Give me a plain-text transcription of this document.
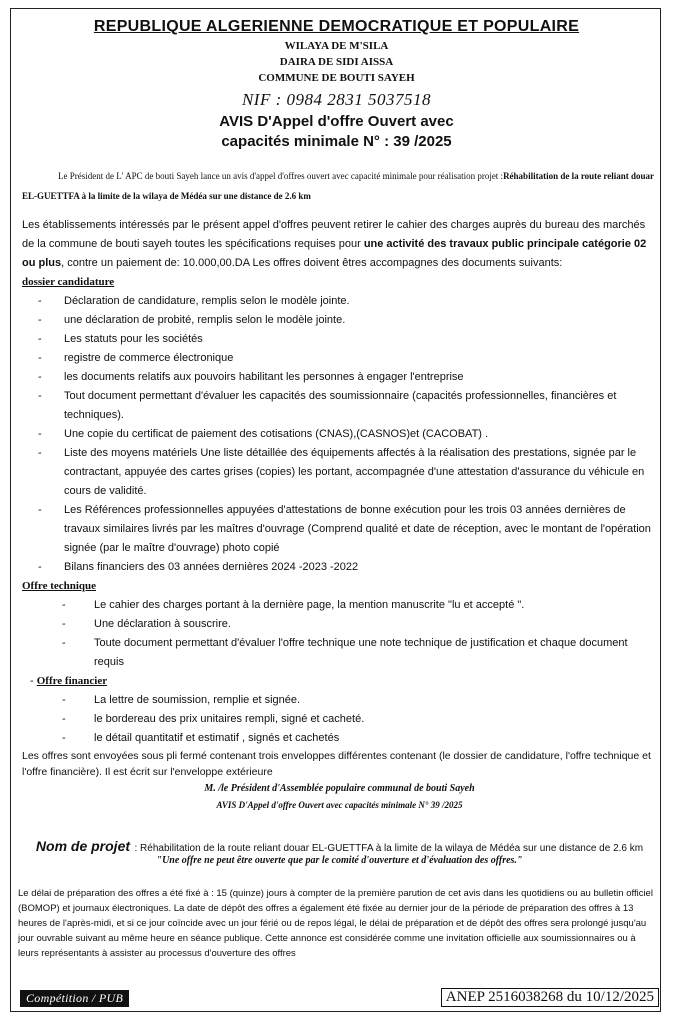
REPUBLIQUE ALGERIENNE DEMOCRATIQUE ET POPULAIRE
WILAYA DE M'SILA
DAIRA DE SIDI AISSA
COMMUNE DE BOUTI SAYEH
NIF : 0984 2831 5037518
AVIS D'Appel d'offre Ouvert avec
capacités minimale N° : 39 /2025
Le Président de L' APC de bouti Sayeh lance un avis d'appel d'offres ouvert avec capacité minimale pour réalisation projet :Réhabilitation de la route reliant douar EL-GUETTFA à la limite de la wilaya de Médéa sur une distance de 2.6 km
Les établissements intéressés par le présent appel d'offres peuvent retirer le cahier des charges auprès du bureau des marchés de la commune de bouti sayeh toutes les spécifications requises pour une activité des travaux public principale catégorie 02 ou plus, contre un paiement de: 10.000,00.DA Les offres doivent êtres accompagnes des documents suivants:
dossier candidature
- Déclaration de candidature, remplis selon le modèle jointe.
- une déclaration de probité, remplis selon le modèle jointe.
- Les statuts pour les sociétés
- registre de commerce électronique
- les documents relatifs aux pouvoirs habilitant les personnes à engager l'entreprise
- Tout document permettant d'évaluer les capacités des soumissionnaire (capacités professionnelles, financières et techniques).
- Une copie du certificat de paiement des cotisations (CNAS),(CASNOS)et (CACOBAT) .
- Liste des moyens matériels Une liste détaillée des équipements affectés à la réalisation des prestations, signée par le contractant, appuyée des cartes grises (copies) les portant, accompagnée d'une attestation d'assurance du véhicule en cours de validité.
- Les Références professionnelles appuyées d'attestations de bonne exécution pour les trois 03 années dernières de travaux similaires livrés par les maîtres d'ouvrage (Comprend qualité et date de réception, avec le montant de l'opération signée (par le maître d'ouvrage) photo copié
- Bilans financiers des 03 années dernières 2024 -2023 -2022
Offre technique
- Le cahier des charges portant à la dernière page, la mention manuscrite "lu et accepté ".
- Une déclaration à souscrire.
- Toute document permettant d'évaluer l'offre technique une note technique de justification et chaque document requis
- Offre financier
- La lettre de soumission, remplie et signée.
- le bordereau des prix unitaires rempli, signé et cacheté.
- le détail quantitatif et estimatif , signés et cachetés
Les offres sont envoyées sous pli fermé contenant trois enveloppes différentes contenant (le dossier de candidature, l'offre technique et l'offre financière). Il est écrit sur l'enveloppe extérieure
M. /le Président d'Assemblée populaire communal de bouti Sayeh
AVIS D'Appel d'offre Ouvert avec capacités minimale N° 39 /2025
Nom de projet : Réhabilitation de la route reliant douar EL-GUETTFA à la limite de la wilaya de Médéa sur une distance de 2.6 km
"Une offre ne peut être ouverte que par le comité d'ouverture et d'évaluation des offres."
Le délai de préparation des offres a été fixé à : 15 (quinze) jours à compter de la première parution de cet avis dans les quotidiens ou au bulletin officiel (BOMOP) et journaux électroniques. La date de dépôt des offres a également été fixée au dernier jour de la période de préparation des offres à 13 heures de l'après-midi, et si ce jour coïncide avec un jour férié ou de repos légal, le délai de préparation et de dépôt des offres sera prolongé jusqu'au jour ouvrable suivant au même heure en séance publique. Cette annonce est considérée comme une invitation officielle aux soumissionnaires ou à leurs représentants à assister au processus d'ouverture des offres
Compétition / PUB	ANEP 2516038268 du 10/12/2025
